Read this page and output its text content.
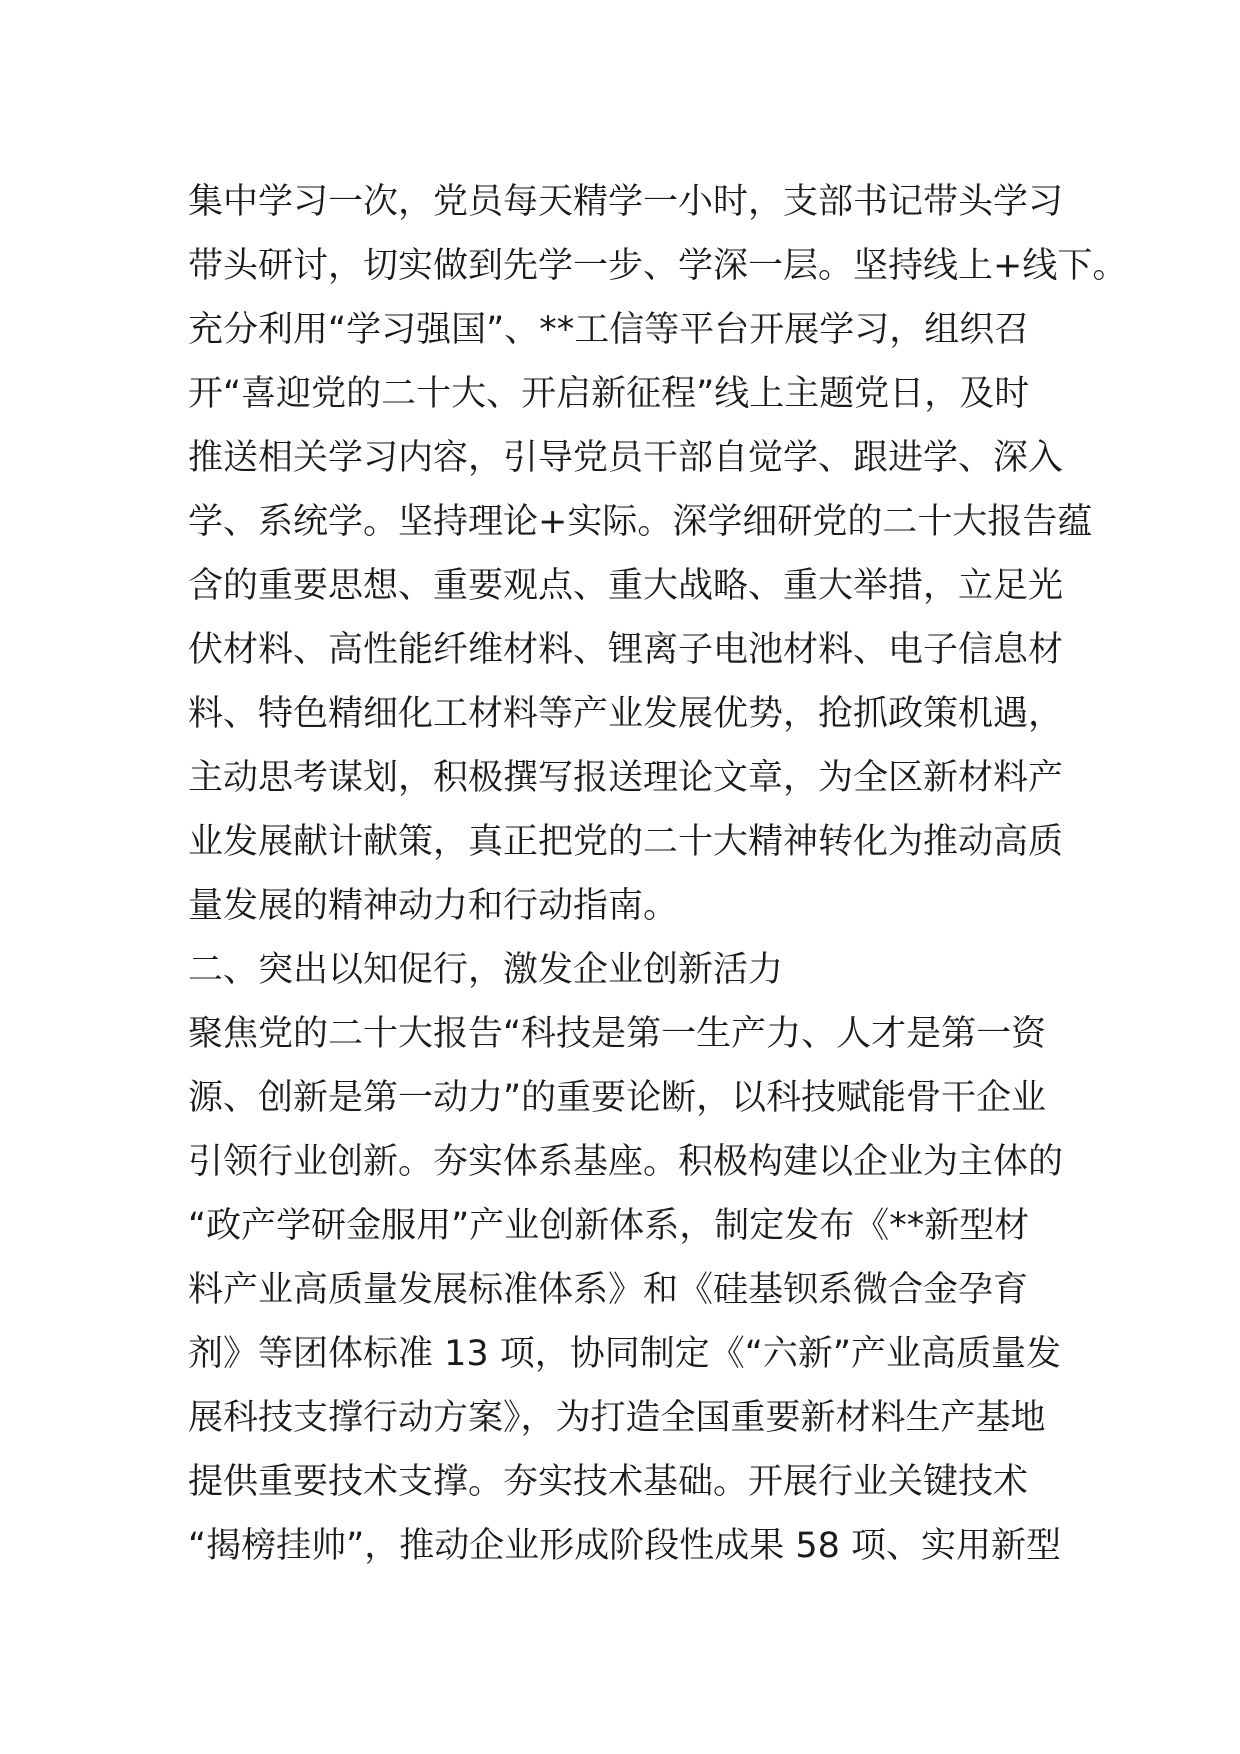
集中学习一次，党员每天精学一小时，支部书记带头学习
带头研讨，切实做到先学一步、学深一层。坚持线上+线下。
充分利用“学习强国”、**工信等平台开展学习，组织召
开“喜迎党的二十大、开启新征程”线上主题党日，及时
推送相关学习内容，引导党员干部自觉学、跟进学、深入
学、系统学。坚持理论+实际。深学细研党的二十大报告蕴
含的重要思想、重要观点、重大战略、重大举措，立足光
伏材料、高性能纤维材料、锂离子电池材料、电子信息材
料、特色精细化工材料等产业发展优势，抢抓政策机遇，
主动思考谋划，积极撰写报送理论文章，为全区新材料产
业发展献计献策，真正把党的二十大精神转化为推动高质
量发展的精神动力和行动指南。
二、突出以知促行，激发企业创新活力
聚焦党的二十大报告“科技是第一生产力、人才是第一资
源、创新是第一动力”的重要论断，以科技赋能骨干企业
引领行业创新。夯实体系基座。积极构建以企业为主体的
“政产学研金服用”产业创新体系，制定发布《**新型材
料产业高质量发展标准体系》和《硅基钡系微合金孕育
剂》等团体标准 13 项，协同制定《“六新”产业高质量发
展科技支撑行动方案》，为打造全国重要新材料生产基地
提供重要技术支撑。夯实技术基础。开展行业关键技术
“揭榜挂帅”，推动企业形成阶段性成果 58 项、实用新型
